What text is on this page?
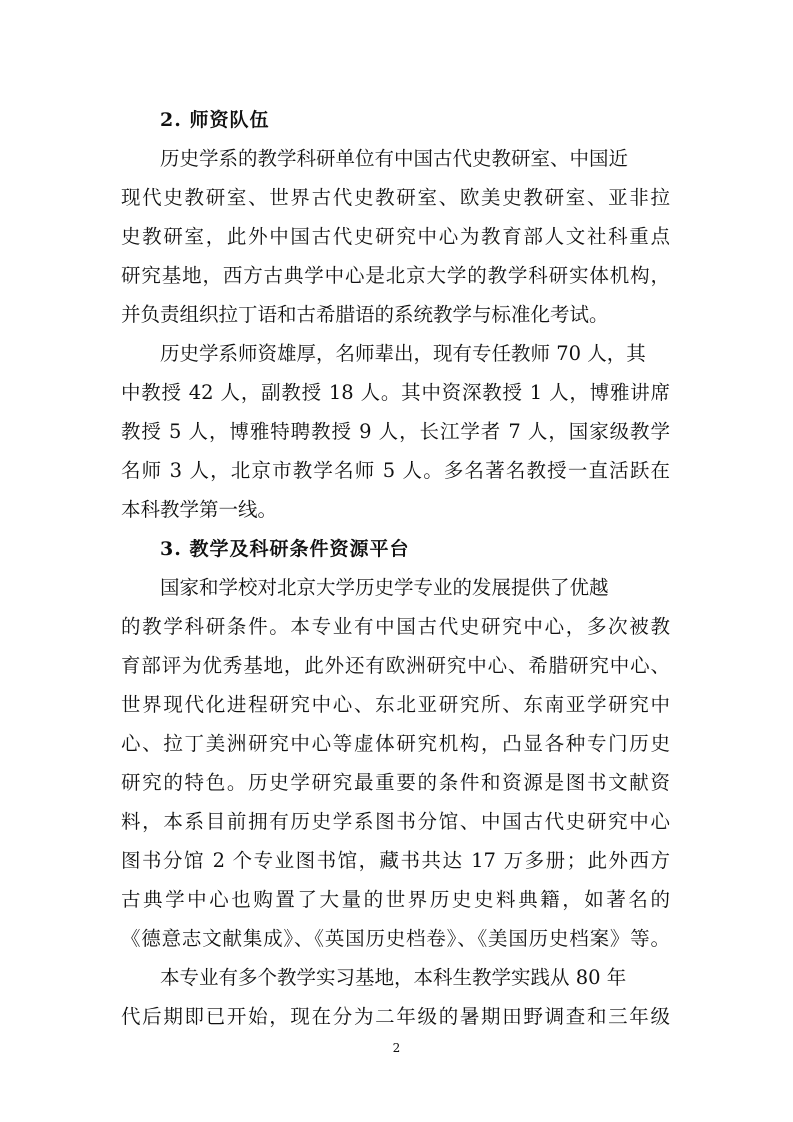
2. 师资队伍
历史学系的教学科研单位有中国古代史教研室、中国近
现代史教研室、世界古代史教研室、欧美史教研室、亚非拉
史教研室，此外中国古代史研究中心为教育部人文社科重点
研究基地，西方古典学中心是北京大学的教学科研实体机构，
并负责组织拉丁语和古希腊语的系统教学与标准化考试。
历史学系师资雄厚，名师辈出，现有专任教师 70 人，其
中教授 42 人，副教授 18 人。其中资深教授 1 人，博雅讲席
教授 5 人，博雅特聘教授 9 人，长江学者 7 人，国家级教学
名师 3 人，北京市教学名师 5 人。多名著名教授一直活跃在
本科教学第一线。
3. 教学及科研条件资源平台
国家和学校对北京大学历史学专业的发展提供了优越
的教学科研条件。本专业有中国古代史研究中心，多次被教
育部评为优秀基地，此外还有欧洲研究中心、希腊研究中心、
世界现代化进程研究中心、东北亚研究所、东南亚学研究中
心、拉丁美洲研究中心等虚体研究机构，凸显各种专门历史
研究的特色。历史学研究最重要的条件和资源是图书文献资
料，本系目前拥有历史学系图书分馆、中国古代史研究中心
图书分馆 2 个专业图书馆，藏书共达 17 万多册；此外西方
古典学中心也购置了大量的世界历史史料典籍，如著名的
《德意志文献集成》、《英国历史档卷》、《美国历史档案》等。
本专业有多个教学实习基地，本科生教学实践从 80 年
代后期即已开始，现在分为二年级的暑期田野调查和三年级
2
